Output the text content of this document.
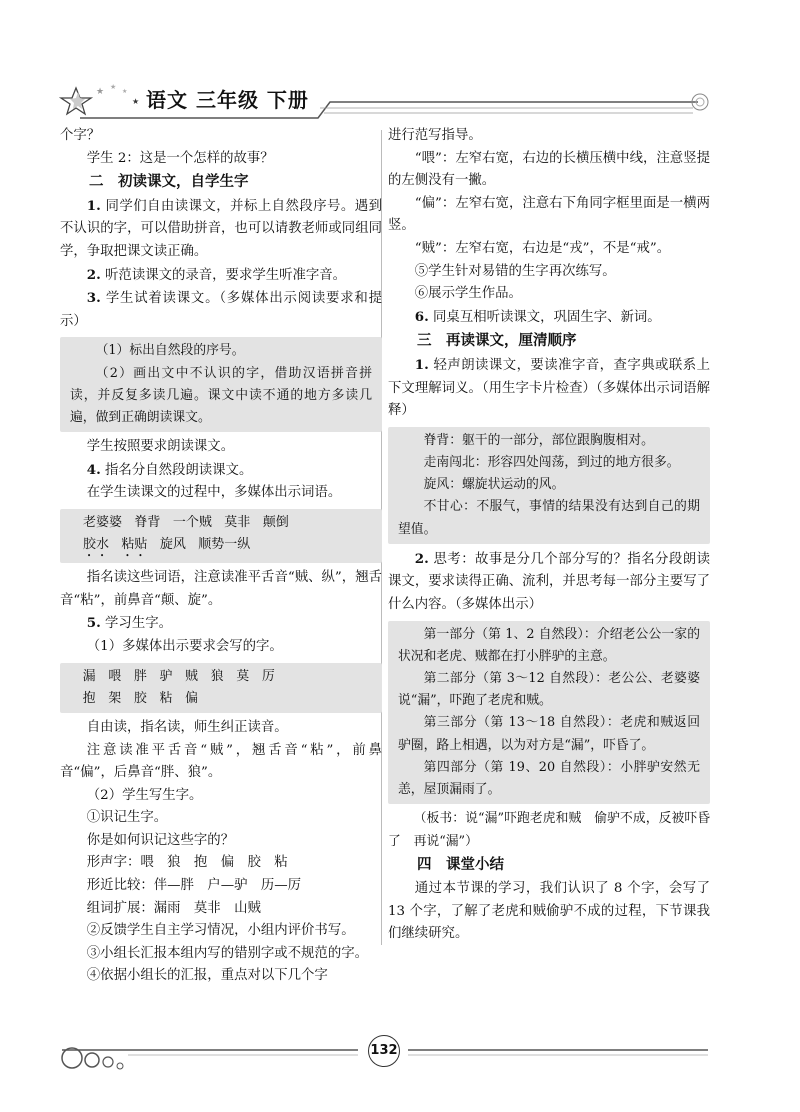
★ ★
★
★ 语文 三年级 下册

个字？

学生 2：这是一个怎样的故事？

二　初读课文，自学生字

1. 同学们自由读课文，并标上自然段序号。遇到不认识的字，可以借助拼音，也可以请教老师或同组同学，争取把课文读正确。

2. 听范读课文的录音，要求学生听准字音。

3. 学生试着读课文。（多媒体出示阅读要求和提示）

（1）标出自然段的序号。

（2）画出文中不认识的字，借助汉语拼音拼读，并反复多读几遍。课文中读不通的地方多读几遍，做到正确朗读课文。

学生按照要求朗读课文。

4. 指名分自然段朗读课文。

在学生读课文的过程中，多媒体出示词语。

老婆婆 脊背 一个贼 莫非 颠倒

胶水 粘贴 旋风 顺势一纵

指名读这些词语，注意读准平舌音“贼、纵”，翘舌音“粘”，前鼻音“颠、旋”。

5. 学习生字。

（1）多媒体出示要求会写的字。

漏　喂　胖　驴　贼　狼　莫　厉

抱　架　胶　粘　偏

自由读，指名读，师生纠正读音。

注意读准平舌音“贼”，翘舌音“粘”，前鼻音“偏”，后鼻音“胖、狼”。

（2）学生写生字。

①识记生字。

你是如何识记这些字的？

形声字：喂　狼　抱　偏　胶　粘

形近比较：伴—胖　户—驴　历—厉

组词扩展：漏雨　莫非　山贼

②反馈学生自主学习情况，小组内评价书写。

③小组长汇报本组内写的错别字或不规范的字。

④依据小组长的汇报，重点对以下几个字

进行范写指导。

“喂”：左窄右宽，右边的长横压横中线，注意竖提的左侧没有一撇。

“偏”：左窄右宽，注意右下角同字框里面是一横两竖。

“贼”：左窄右宽，右边是“戎”，不是“戒”。

⑤学生针对易错的生字再次练写。

⑥展示学生作品。

6. 同桌互相听读课文，巩固生字、新词。

三　再读课文，厘清顺序

1. 轻声朗读课文，要读准字音，查字典或联系上下文理解词义。（用生字卡片检查）（多媒体出示词语解释）

脊背：躯干的一部分，部位跟胸腹相对。

走南闯北：形容四处闯荡，到过的地方很多。

旋风：螺旋状运动的风。

不甘心：不服气，事情的结果没有达到自己的期望值。

2. 思考：故事是分几个部分写的？指名分段朗读课文，要求读得正确、流利，并思考每一部分主要写了什么内容。（多媒体出示）

第一部分（第 1、2 自然段）：介绍老公公一家的状况和老虎、贼都在打小胖驴的主意。

第二部分（第 3～12 自然段）：老公公、老婆婆说“漏”，吓跑了老虎和贼。

第三部分（第 13～18 自然段）：老虎和贼返回驴圈，路上相遇，以为对方是“漏”，吓昏了。

第四部分（第 19、20 自然段）：小胖驴安然无恙，屋顶漏雨了。

（板书：说“漏”吓跑老虎和贼　偷驴不成，反被吓昏了　再说“漏”）

四　课堂小结

通过本节课的学习，我们认识了 8 个字，会写了 13 个字，了解了老虎和贼偷驴不成的过程，下节课我们继续研究。

132
